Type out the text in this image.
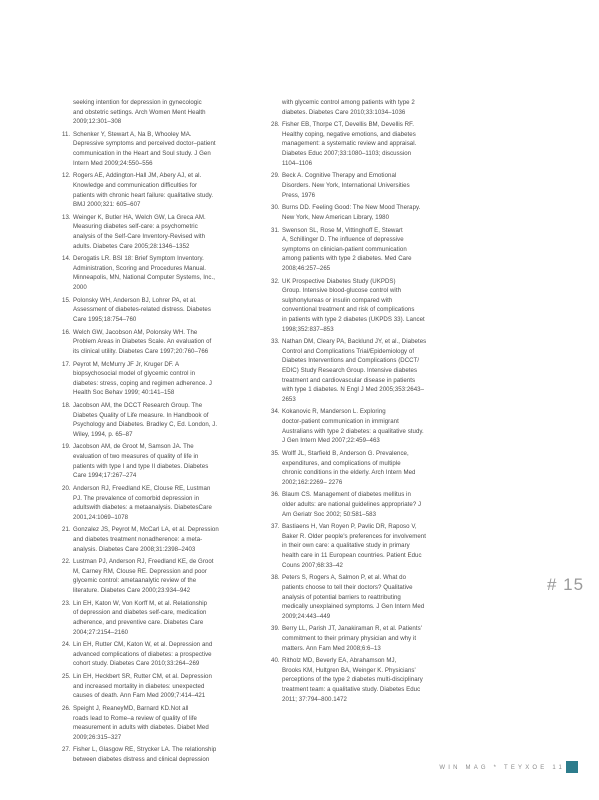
seeking intention for depression in gynecologic
and obstetric settings. Arch Women Ment Health
2009;12:301–308
11. Schenker Y, Stewart A, Na B, Whooley MA.
Depressive symptoms and perceived doctor–patient
communication in the Heart and Soul study. J Gen
Intern Med 2009;24:550–556
12. Rogers AE, Addington-Hall JM, Abery AJ, et al.
Knowledge and communication difficulties for
patients with chronic heart failure: qualitative study.
BMJ 2000;321: 605–607
13. Weinger K, Butler HA, Welch GW, La Greca AM.
Measuring diabetes self-care: a psychometric
analysis of the Self-Care Inventory-Revised with
adults. Diabetes Care 2005;28:1346–1352
14. Derogatis LR. BSI 18: Brief Symptom Inventory.
Administration, Scoring and Procedures Manual.
Minneapolis, MN, National Computer Systems, Inc.,
2000
15. Polonsky WH, Anderson BJ, Lohrer PA, et al.
Assessment of diabetes-related distress. Diabetes
Care 1995;18:754–760
16. Welch GW, Jacobson AM, Polonsky WH. The
Problem Areas in Diabetes Scale. An evaluation of
its clinical utility. Diabetes Care 1997;20:760–766
17. Peyrot M, McMurry JF Jr, Kruger DF. A
biopsychosocial model of glycemic control in
diabetes: stress, coping and regimen adherence. J
Health Soc Behav 1999; 40:141–158
18. Jacobson AM, the DCCT Research Group. The
Diabetes Quality of Life measure. In Handbook of
Psychology and Diabetes. Bradley C, Ed. London, J.
Wiley, 1994, p. 65–87
19. Jacobson AM, de Groot M, Samson JA. The
evaluation of two measures of quality of life in
patients with type I and type II diabetes. Diabetes
Care 1994;17:267–274
20. Anderson RJ, Freedland KE, Clouse RE, Lustman
PJ. The prevalence of comorbid depression in
adultswith diabetes: a metaanalysis. DiabetesCare
2001,24:1069–1078
21. Gonzalez JS, Peyrot M, McCarl LA, et al. Depression
and diabetes treatment nonadherence: a meta-
analysis. Diabetes Care 2008;31:2398–2403
22. Lustman PJ, Anderson RJ, Freedland KE, de Groot
M, Carney RM, Clouse RE. Depression and poor
glycemic control: ametaanalytic review of the
literature. Diabetes Care 2000;23:934–942
23. Lin EH, Katon W, Von Korff M, et al. Relationship
of depression and diabetes self-care, medication
adherence, and preventive care. Diabetes Care
2004;27:2154–2160
24. Lin EH, Rutter CM, Katon W, et al. Depression and
advanced complications of diabetes: a prospective
cohort study. Diabetes Care 2010;33:264–269
25. Lin EH, Heckbert SR, Rutter CM, et al. Depression
and increased mortality in diabetes: unexpected
causes of death. Ann Fam Med 2009;7:414–421
26. Speight J, ReaneyMD, Barnard KD.Not all
roads lead to Rome–a review of quality of life
measurement in adults with diabetes. Diabet Med
2009;26:315–327
27. Fisher L, Glasgow RE, Strycker LA. The relationship
between diabetes distress and clinical depression
with glycemic control among patients with type 2
diabetes. Diabetes Care 2010;33:1034–1036
28. Fisher EB, Thorpe CT, Devellis BM, Devellis RF.
Healthy coping, negative emotions, and diabetes
management: a systematic review and appraisal.
Diabetes Educ 2007;33:1080–1103; discussion
1104–1106
29. Beck A. Cognitive Therapy and Emotional
Disorders. New York, International Universities
Press, 1976
30. Burns DD. Feeling Good: The New Mood Therapy.
New York, New American Library, 1980
31. Swenson SL, Rose M, Vittinghoff E, Stewart
A, Schillinger D. The influence of depressive
symptoms on clinician-patient communication
among patients with type 2 diabetes. Med Care
2008;46:257–265
32. UK Prospective Diabetes Study (UKPDS)
Group. Intensive blood-glucose control with
sulphonylureas or insulin compared with
conventional treatment and risk of complications
in patients with type 2 diabetes (UKPDS 33). Lancet
1998;352:837–853
33. Nathan DM, Cleary PA, Backlund JY, et al., Diabetes
Control and Complications Trial/Epidemiology of
Diabetes Interventions and Complications (DCCT/
EDIC) Study Research Group. Intensive diabetes
treatment and cardiovascular disease in patients
with type 1 diabetes. N Engl J Med 2005;353:2643–
2653
34. Kokanovic R, Manderson L. Exploring
doctor-patient communication in immigrant
Australians with type 2 diabetes: a qualitative study.
J Gen Intern Med 2007;22:459–463
35. Wolff JL, Starfield B, Anderson G. Prevalence,
expenditures, and complications of multiple
chronic conditions in the elderly. Arch Intern Med
2002;162:2269– 2276
36. Blaum CS. Management of diabetes mellitus in
older adults: are national guidelines appropriate? J
Am Geriatr Soc 2002; 50:581–583
37. Bastiaens H, Van Royen P, Pavlic DR, Raposo V,
Baker R. Older people's preferences for involvement
in their own care: a qualitative study in primary
health care in 11 European countries. Patient Educ
Couns 2007;68:33–42
38. Peters S, Rogers A, Salmon P, et al. What do
patients choose to tell their doctors? Qualitative
analysis of potential barriers to reattributing
medically unexplained symptoms. J Gen Intern Med
2009;24:443–449
39. Berry LL, Parish JT, Janakiraman R, et al. Patients'
commitment to their primary physician and why it
matters. Ann Fam Med 2008;6:6–13
40. Ritholz MD, Beverly EA, Abrahamson MJ,
Brooks KM, Hultgren BA, Weinger K. Physicians'
perceptions of the type 2 diabetes multi-disciplinary
treatment team: a qualitative study. Diabetes Educ
2011; 37:794–800.1472
# 15
WIN MAG * TEYXOE 11
